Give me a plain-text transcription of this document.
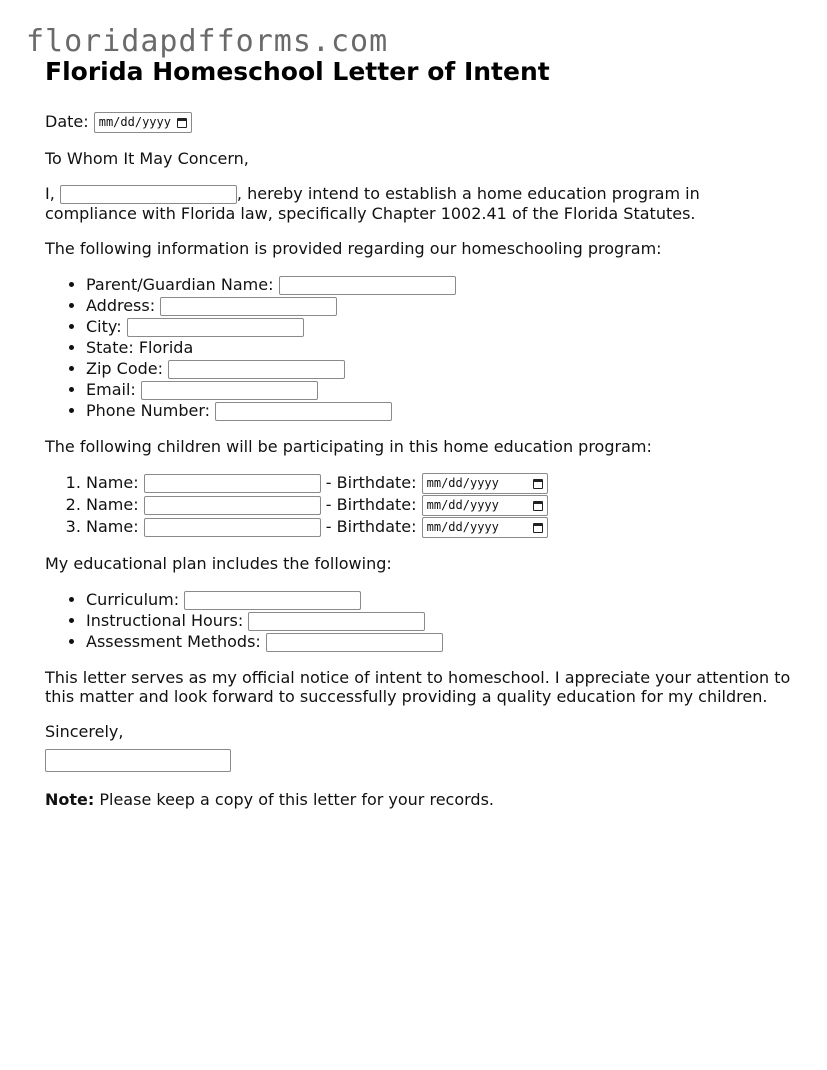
floridapdfforms.com
Florida Homeschool Letter of Intent

Date: mm/dd/yyyy

To Whom It May Concern,

I,	, hereby intend to establish a home education program in compliance with Florida law, specifically Chapter 1002.41 of the Florida Statutes.

The following information is provided regarding our homeschooling program:

• Parent/Guardian Name:
• Address:
• City:
• State: Florida
• Zip Code:
• Email:
• Phone Number:

The following children will be participating in this home education program:

1. Name:	- Birthdate: mm/dd/yyyy
2. Name:	- Birthdate: mm/dd/yyyy
3. Name:	- Birthdate: mm/dd/yyyy

My educational plan includes the following:

• Curriculum:
• Instructional Hours:
• Assessment Methods:

This letter serves as my official notice of intent to homeschool. I appreciate your attention to this matter and look forward to successfully providing a quality education for my children.

Sincerely,

Note: Please keep a copy of this letter for your records.
